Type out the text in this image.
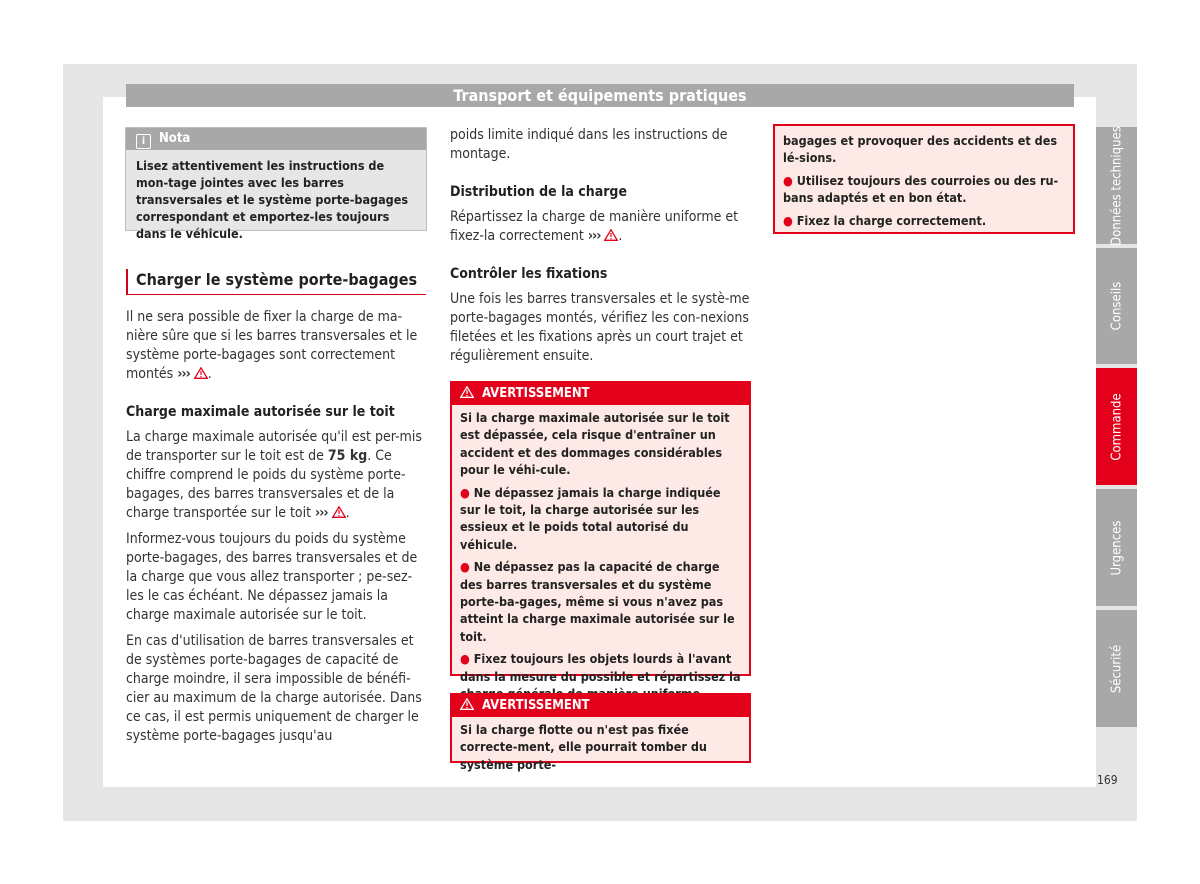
Transport et équipements pratiques
i Nota
Lisez attentivement les instructions de mon-tage jointes avec les barres transversales et le système porte-bagages correspondant et emportez-les toujours dans le véhicule.
Charger le système porte-bagages

Il ne sera possible de fixer la charge de ma-nière sûre que si les barres transversales et le système porte-bagages sont correctement montés ››› .

Charge maximale autorisée sur le toit

La charge maximale autorisée qu'il est per-mis de transporter sur le toit est de 75 kg. Ce chiffre comprend le poids du système porte-bagages, des barres transversales et de la charge transportée sur le toit ››› .

Informez-vous toujours du poids du système porte-bagages, des barres transversales et de la charge que vous allez transporter ; pe-sez-les le cas échéant. Ne dépassez jamais la charge maximale autorisée sur le toit.

En cas d'utilisation de barres transversales et de systèmes porte-bagages de capacité de charge moindre, il sera impossible de bénéfi-cier au maximum de la charge autorisée. Dans ce cas, il est permis uniquement de charger le système porte-bagages jusqu'au

poids limite indiqué dans les instructions de montage.

Distribution de la charge

Répartissez la charge de manière uniforme et fixez-la correctement ››› .

Contrôler les fixations

Une fois les barres transversales et le systè-me porte-bagages montés, vérifiez les con-nexions filetées et les fixations après un court trajet et régulièrement ensuite.

AVERTISSEMENT

Si la charge maximale autorisée sur le toit est dépassée, cela risque d'entraîner un accident et des dommages considérables pour le véhi-cule.

● Ne dépassez jamais la charge indiquée sur le toit, la charge autorisée sur les essieux et le poids total autorisé du véhicule.

● Ne dépassez pas la capacité de charge des barres transversales et du système porte-ba-gages, même si vous n'avez pas atteint la charge maximale autorisée sur le toit.

● Fixez toujours les objets lourds à l'avant dans la mesure du possible et répartissez la

AVERTISSEMENT

Si la charge flotte ou n'est pas fixée correcte-ment, elle pourrait tomber du système porte-

bagages et provoquer des accidents et des lé-sions.

● Utilisez toujours des courroies ou des ru-bans adaptés et en bon état.

● Fixez la charge correctement.	Données techniques
Conseils
Commande
Urgences
Sécurité
169
